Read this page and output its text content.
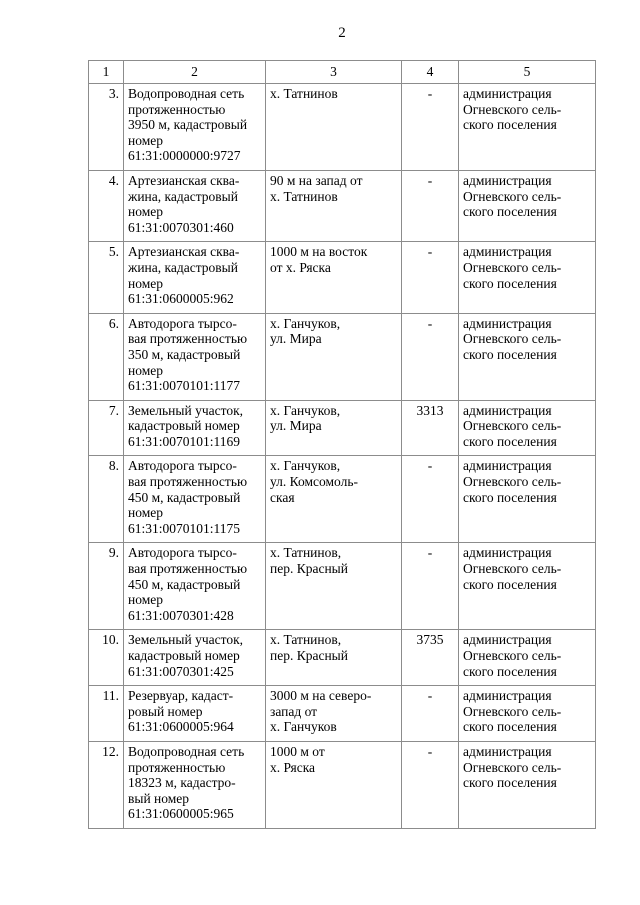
2
1	2	3	4	5
3.	Водопроводная сеть
протяженностью
3950 м, кадастровый
номер
61:31:0000000:9727	х. Татнинов	-	администрация
Огневского сель-
ского поселения

4.	Артезианская сква-
жина, кадастровый
номер
61:31:0070301:460	90 м на запад от
х. Татнинов	-	администрация
Огневского сель-
ского поселения

5.	Артезианская сква-
жина, кадастровый
номер
61:31:0600005:962	1000 м на восток
от х. Ряска	-	администрация
Огневского сель-
ского поселения

6.	Автодорога тырсо-
вая протяженностью
350 м, кадастровый
номер
61:31:0070101:1177	х. Ганчуков,
ул. Мира	-	администрация
Огневского сель-
ского поселения

7.	Земельный участок,
кадастровый номер
61:31:0070101:1169	х. Ганчуков,
ул. Мира	3313	администрация
Огневского сель-
ского поселения

8.	Автодорога тырсо-
вая протяженностью
450 м, кадастровый
номер
61:31:0070101:1175	х. Ганчуков,
ул. Комсомоль-
ская	-	администрация
Огневского сель-
ского поселения

9.	Автодорога тырсо-
вая протяженностью
450 м, кадастровый
номер
61:31:0070301:428	х. Татнинов,
пер. Красный	-	администрация
Огневского сель-
ского поселения

10.	Земельный участок,
кадастровый номер
61:31:0070301:425	х. Татнинов,
пер. Красный	3735	администрация
Огневского сель-
ского поселения

11.	Резервуар, кадаст-
ровый номер
61:31:0600005:964	3000 м на северо-
запад от
х. Ганчуков	-	администрация
Огневского сель-
ского поселения

12.	Водопроводная сеть
протяженностью
18323 м, кадастро-
вый номер
61:31:0600005:965	1000 м от
х. Ряска	-	администрация
Огневского сель-
ского поселения
